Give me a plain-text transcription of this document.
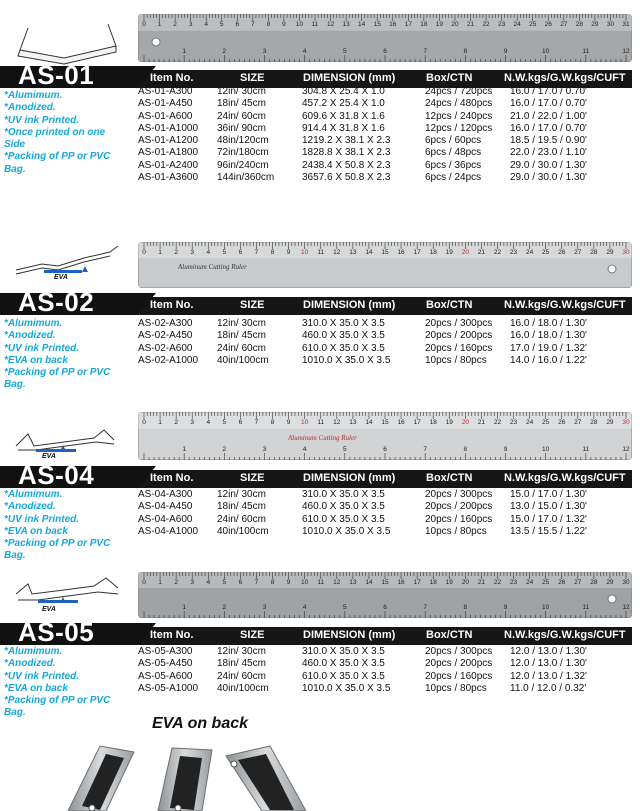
0 1 2 3 4 5 6 7 8 9 10 11 12 13 14 15 16 17 18 19 20 21 22 23 24 25 26 27 28 29 30 31
1	2	3	4	5	6	7	8	9	10	11	12
AS-01	Item No.	SIZE	DIMENSION (mm)	Box/CTN	N.W.kgs/G.W.kgs/CUFT
*Alumimum.
*Anodized.
*UV ink Printed.
*Once printed on one
Side
*Packing of PP or PVC
Bag.
AS-01-A300 12in/ 30cm	304.8 X 25.4 X 1.0	24pcs / 720pcs 16.0 / 17.0 / 0.70'
AS-01-A450 18in/ 45cm	457.2 X 25.4 X 1.0	24pcs / 480pcs 16.0 / 17.0 / 0.70'
AS-01-A600 24in/ 60cm	609.6 X 31.8 X 1.6	12pcs / 240pcs 21.0 / 22.0 / 1.00'
AS-01-A1000 36in/ 90cm	914.4 X 31.8 X 1.6	12pcs / 120pcs 16.0 / 17.0 / 0.70'
AS-01-A1200 48in/120cm	1219.2 X 38.1 X 2.3	6pcs / 60pcs	18.5 / 19.5 / 0.90'
AS-01-A1800 72in/180cm	1828.8 X 38.1 X 2.3	6pcs / 48pcs	22.0 / 23.0 / 1.10'
AS-01-A2400 96in/240cm	2438.4 X 50.8 X 2.3	6pcs / 36pcs	29.0 / 30.0 / 1.30'
AS-01-A3600 144in/360cm	3657.6 X 50.8 X 2.3	6pcs / 24pcs	29.0 / 30.0 / 1.30'
EVA
0 1 2 3 4 5 6 7 8 9 10 11 12 13 14 15 16 17 18 19 20 21 22 23 24 25 26 27 28 29 30
Aluminum Cutting Ruler
AS-02	Item No.	SIZE	DIMENSION (mm)	Box/CTN	N.W.kgs/G.W.kgs/CUFT
*Alumimum.
*Anodized.
*UV ink Printed.
*EVA on back
*Packing of PP or PVC
Bag.
AS-02-A300 12in/ 30cm	310.0 X 35.0 X 3.5	20pcs / 300pcs 16.0 / 18.0 / 1.30'
AS-02-A450 18in/ 45cm	460.0 X 35.0 X 3.5	20pcs / 200pcs 16.0 / 18.0 / 1.30'
AS-02-A600 24in/ 60cm	610.0 X 35.0 X 3.5	20pcs / 160pcs 17.0 / 19.0 / 1.32'
AS-02-A1000 40in/100cm	1010.0 X 35.0 X 3.5	10pcs / 80pcs 14.0 / 16.0 / 1.22'
EVA
0 1 2 3 4 5 6 7 8 9 10 11 12 13 14 15 16 17 18 19 20 21 22 23 24 25 26 27 28 29 30
1	2	3	4	5	6	7	8	9	10	11	12
Aluminum Cutting Ruler
AS-04	Item No.	SIZE	DIMENSION (mm)	Box/CTN	N.W.kgs/G.W.kgs/CUFT
*Alumimum.
*Anodized.
*UV ink Printed.
*EVA on back
*Packing of PP or PVC
Bag.
AS-04-A300 12in/ 30cm	310.0 X 35.0 X 3.5	20pcs / 300pcs 15.0 / 17.0 / 1.30'
AS-04-A450 18in/ 45cm	460.0 X 35.0 X 3.5	20pcs / 200pcs 13.0 / 15.0 / 1.30'
AS-04-A600 24in/ 60cm	610.0 X 35.0 X 3.5	20pcs / 160pcs 15.0 / 17.0 / 1.32'
AS-04-A1000 40in/100cm	1010.0 X 35.0 X 3.5	10pcs / 80pcs 13.5 / 15.5 / 1.22'
EVA
0 1 2 3 4 5 6 7 8 9 10 11 12 13 14 15 16 17 18 19 20 21 22 23 24 25 26 27 28 29 30
1	2	3	4	5	6	7	8	9	10	11	12
AS-05	Item No.	SIZE	DIMENSION (mm)	Box/CTN	N.W.kgs/G.W.kgs/CUFT
*Alumimum.
*Anodized.
*UV ink Printed.
*EVA on back
*Packing of PP or PVC
Bag.
AS-05-A300 12in/ 30cm	310.0 X 35.0 X 3.5	20pcs / 300pcs 12.0 / 13.0 / 1.30'
AS-05-A450 18in/ 45cm	460.0 X 35.0 X 3.5	20pcs / 200pcs 12.0 / 13.0 / 1.30'
AS-05-A600 24in/ 60cm	610.0 X 35.0 X 3.5	20pcs / 160pcs 12.0 / 13.0 / 1.32'
AS-05-A1000 40in/100cm	1010.0 X 35.0 X 3.5	10pcs / 80pcs 11.0 / 12.0 / 0.32'
EVA on back
